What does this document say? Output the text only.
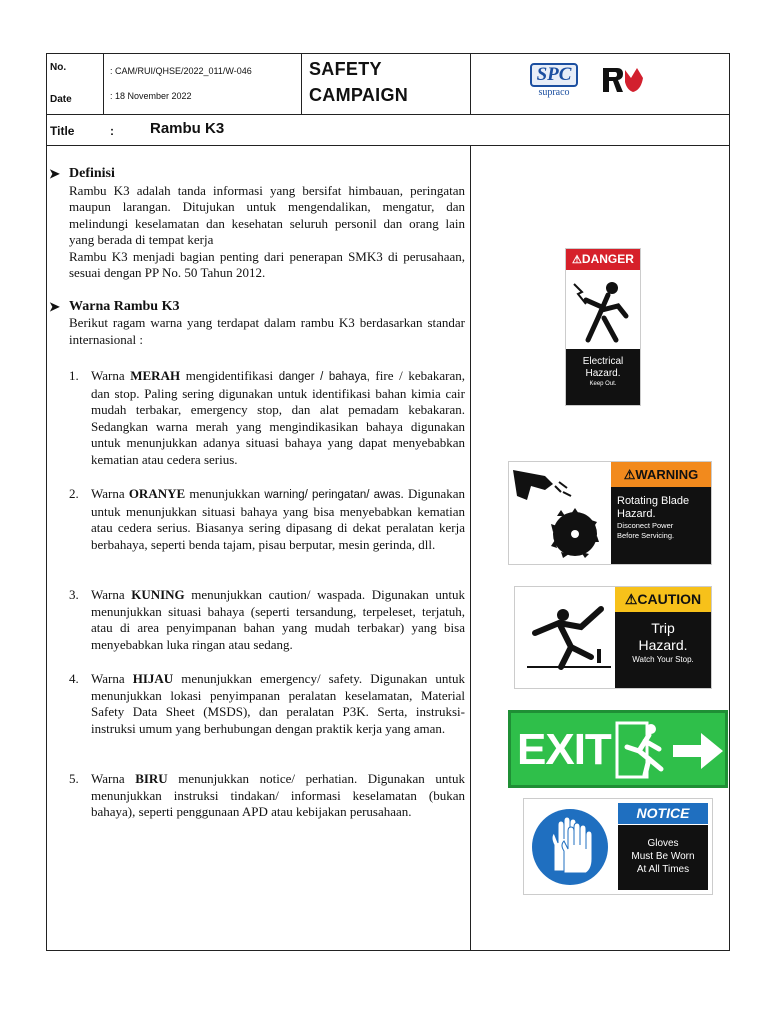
No.	: CAM/RUI/QHSE/2022_011/W-046
Date	: 18 November 2022
SAFETY
CAMPAIGN
SPC
supraco
Title	: Rambu K3
➤ Definisi

Rambu K3 adalah tanda informasi yang bersifat himbauan, peringatan maupun larangan. Ditujukan untuk mengendalikan, mengatur, dan melindungi keselamatan dan kesehatan seluruh personil dan orang lain yang berada di tempat kerja

Rambu K3 menjadi bagian penting dari penerapan SMK3 di perusahaan, sesuai dengan PP No. 50 Tahun 2012.

➤ Warna Rambu K3

Berikut ragam warna yang terdapat dalam rambu K3 berdasarkan standar internasional :

1. Warna MERAH mengidentifikasi danger / bahaya, fire / kebakaran, dan stop. Paling sering digunakan untuk identifikasi bahan kimia cair mudah terbakar, emergency stop, dan alat pemadam kebakaran. Sedangkan warna merah yang mengindikasikan bahaya digunakan untuk menunjukkan adanya situasi bahaya yang dapat menyebabkan kematian atau cedera serius.

2. Warna ORANYE menunjukkan warning/ peringatan/ awas. Digunakan untuk menunjukkan situasi bahaya yang bisa menyebabkan kematian atau cedera serius. Biasanya sering dipasang di dekat peralatan kerja berbahaya, seperti benda tajam, pisau berputar, mesin gerinda, dll.

3. Warna KUNING menunjukkan caution/ waspada. Digunakan untuk menunjukkan situasi bahaya (seperti tersandung, terpeleset, terjatuh, atau di area penyimpanan bahan yang mudah terbakar) yang bisa menyebabkan luka ringan atau sedang.

4. Warna HIJAU menunjukkan emergency/ safety. Digunakan untuk menunjukkan lokasi penyimpanan peralatan keselamatan, Material Safety Data Sheet (MSDS), dan peralatan P3K. Serta, instruksi-instruksi umum yang berhubungan dengan praktik kerja yang aman.

5. Warna BIRU menunjukkan notice/ perhatian. Digunakan untuk menunjukkan instruksi tindakan/ informasi keselamatan (bukan bahaya), seperti penggunaan APD atau kebijakan perusahaan.

⚠DANGER
Electrical
Hazard.
Keep Out.
⚠WARNING
Rotating Blade
Hazard.
Disconect Power
Before Servicing.
⚠CAUTION
Trip
Hazard.
Watch Your Stop.
EXIT
NOTICE
Gloves
Must Be Worn
At All Times
